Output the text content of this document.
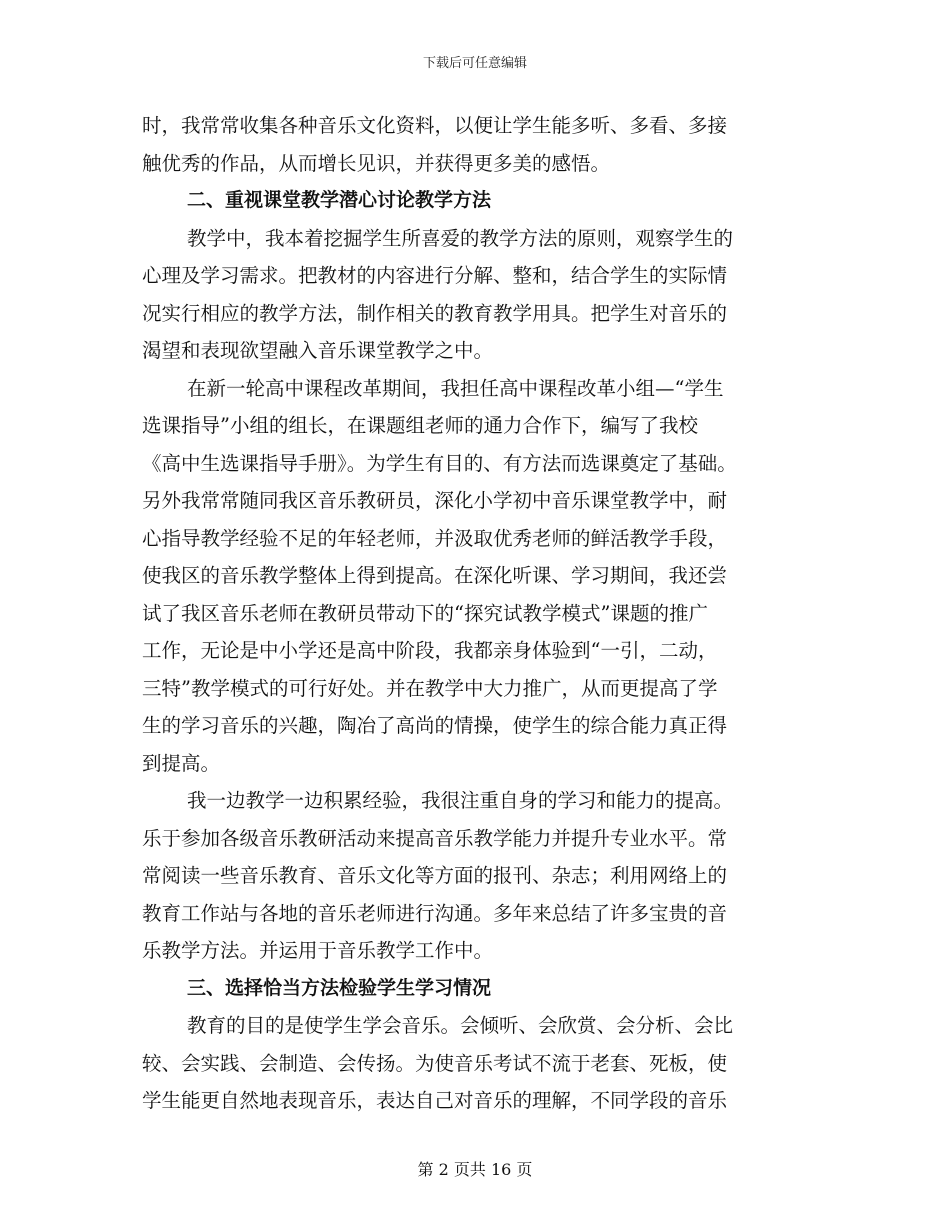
下载后可任意编辑
时，我常常收集各种音乐文化资料，以便让学生能多听、多看、多接
触优秀的作品，从而增长见识，并获得更多美的感悟。
二、重视课堂教学潜心讨论教学方法
教学中，我本着挖掘学生所喜爱的教学方法的原则，观察学生的
心理及学习需求。把教材的内容进行分解、整和，结合学生的实际情
况实行相应的教学方法，制作相关的教育教学用具。把学生对音乐的
渴望和表现欲望融入音乐课堂教学之中。
在新一轮高中课程改革期间，我担任高中课程改革小组—“学生
选课指导”小组的组长，在课题组老师的通力合作下，编写了我校
《高中生选课指导手册》。为学生有目的、有方法而选课奠定了基础。
另外我常常随同我区音乐教研员，深化小学初中音乐课堂教学中，耐
心指导教学经验不足的年轻老师，并汲取优秀老师的鲜活教学手段，
使我区的音乐教学整体上得到提高。在深化听课、学习期间，我还尝
试了我区音乐老师在教研员带动下的“探究试教学模式”课题的推广
工作，无论是中小学还是高中阶段，我都亲身体验到“一引，二动，
三特”教学模式的可行好处。并在教学中大力推广，从而更提高了学
生的学习音乐的兴趣，陶冶了高尚的情操，使学生的综合能力真正得
到提高。
我一边教学一边积累经验，我很注重自身的学习和能力的提高。
乐于参加各级音乐教研活动来提高音乐教学能力并提升专业水平。常
常阅读一些音乐教育、音乐文化等方面的报刊、杂志；利用网络上的
教育工作站与各地的音乐老师进行沟通。多年来总结了许多宝贵的音
乐教学方法。并运用于音乐教学工作中。
三、选择恰当方法检验学生学习情况
教育的目的是使学生学会音乐。会倾听、会欣赏、会分析、会比
较、会实践、会制造、会传扬。为使音乐考试不流于老套、死板，使
学生能更自然地表现音乐，表达自己对音乐的理解，不同学段的音乐
第 2 页共 16 页
